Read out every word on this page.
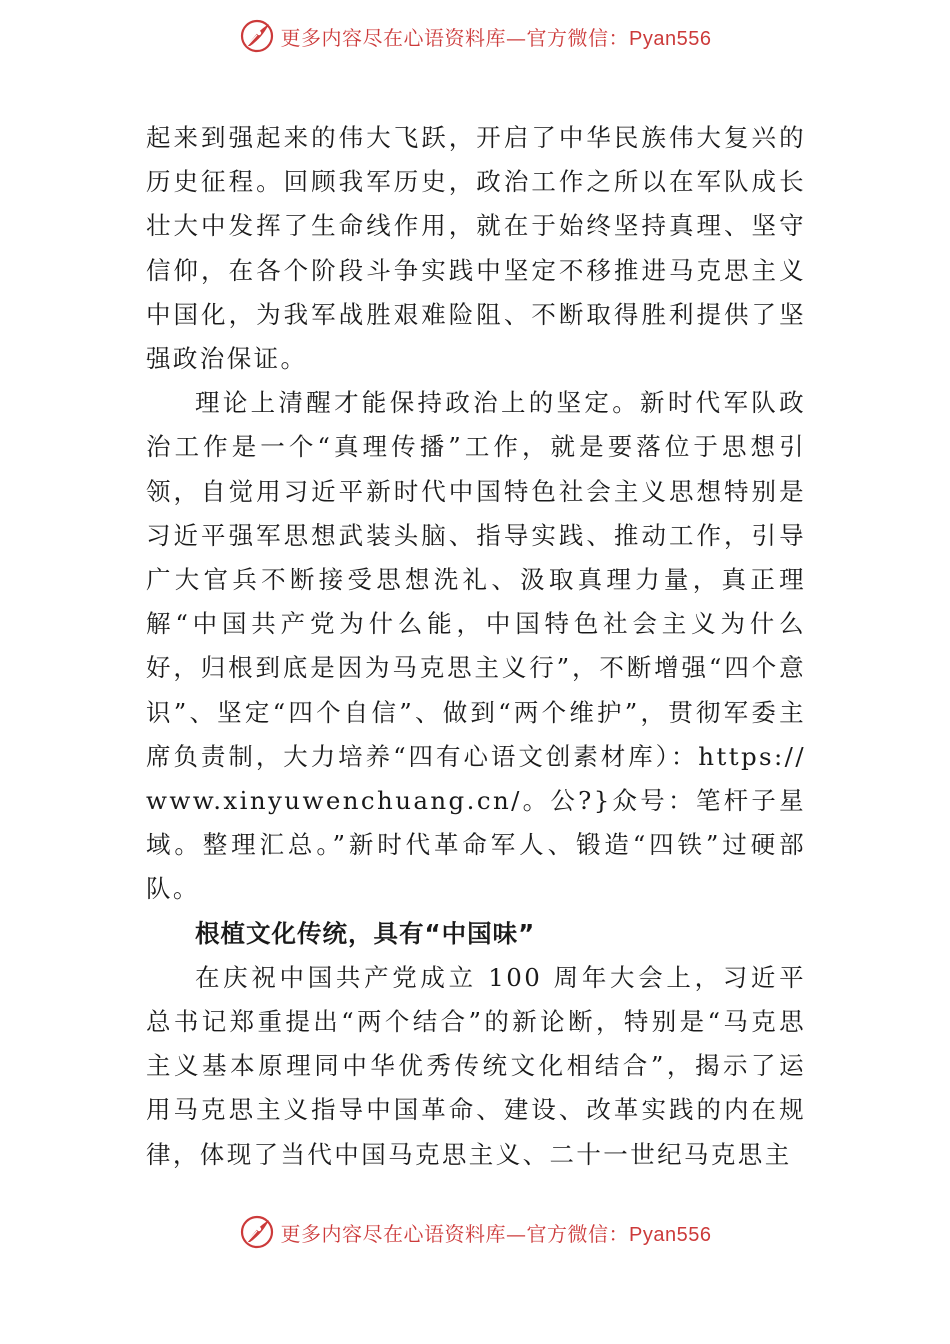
更多内容尽在心语资料库—官方微信：Pyan556

起来到强起来的伟大飞跃，开启了中华民族伟大复兴的历史征程。回顾我军历史，政治工作之所以在军队成长壮大中发挥了生命线作用，就在于始终坚持真理、坚守信仰，在各个阶段斗争实践中坚定不移推进马克思主义中国化，为我军战胜艰难险阻、不断取得胜利提供了坚强政治保证。

理论上清醒才能保持政治上的坚定。新时代军队政治工作是一个“真理传播”工作，就是要落位于思想引领，自觉用习近平新时代中国特色社会主义思想特别是习近平强军思想武装头脑、指导实践、推动工作，引导广大官兵不断接受思想洗礼、汲取真理力量，真正理解“中国共产党为什么能，中国特色社会主义为什么好，归根到底是因为马克思主义行”，不断增强“四个意识”、坚定“四个自信”、做到“两个维护”，贯彻军委主席负责制，大力培养“四有心语文创素材库）：https://www.xinyuwenchuang.cn/。公?}众号：笔杆子星域。整理汇总。”新时代革命军人、锻造“四铁”过硬部队。

根植文化传统，具有“中国味”

在庆祝中国共产党成立 100 周年大会上，习近平总书记郑重提出“两个结合”的新论断，特别是“马克思主义基本原理同中华优秀传统文化相结合”，揭示了运用马克思主义指导中国革命、建设、改革实践的内在规律，体现了当代中国马克思主义、二十一世纪马克思主

更多内容尽在心语资料库—官方微信：Pyan556
